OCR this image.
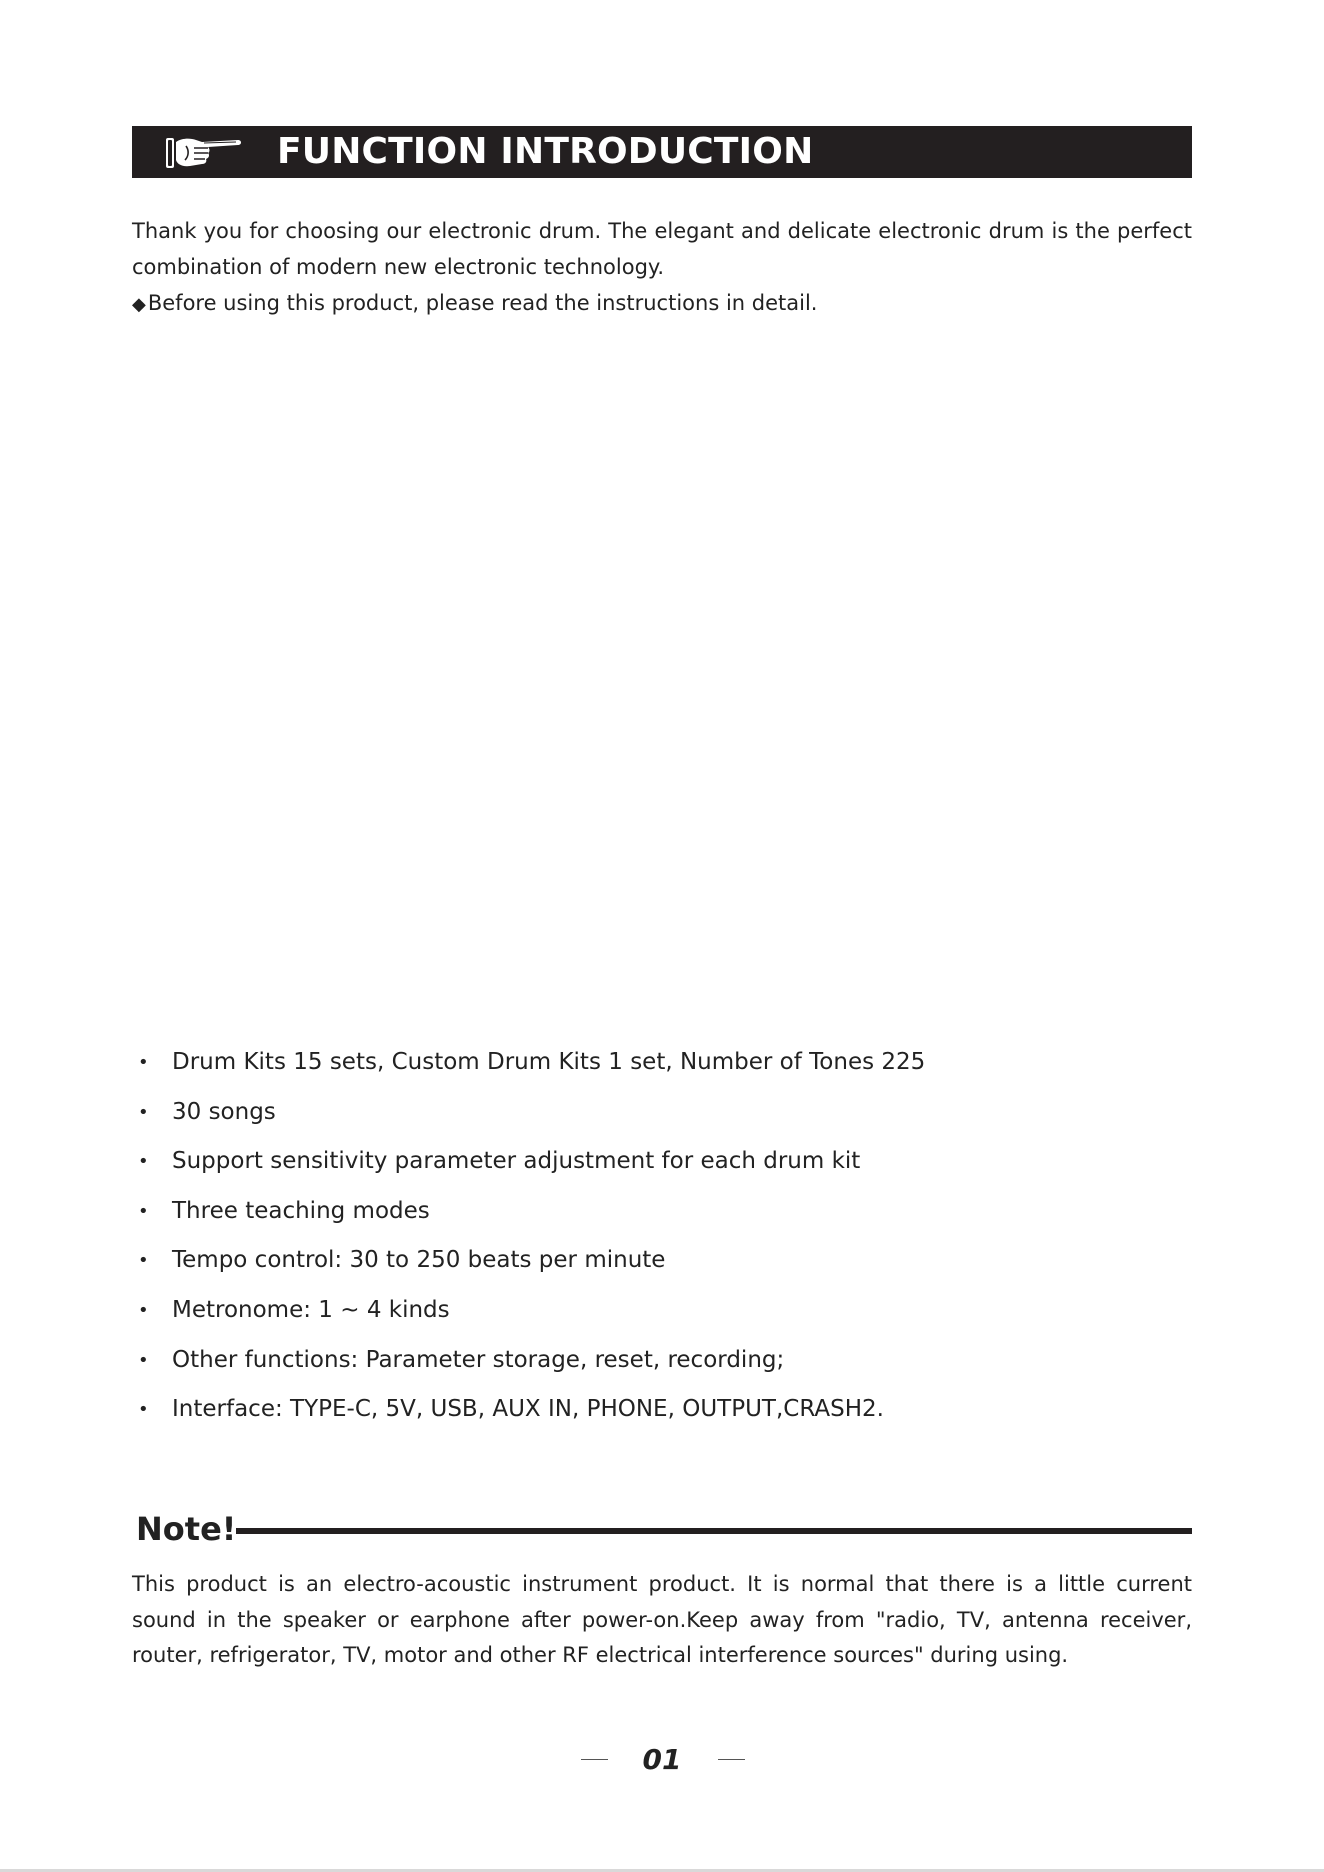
FUNCTION INTRODUCTION

Thank you for choosing our electronic drum. The elegant and delicate electronic drum is the perfect combination of modern new electronic technology.

◆Before using this product, please read the instructions in detail.
• Drum Kits 15 sets, Custom Drum Kits 1 set, Number of Tones 225
• 30 songs
• Support sensitivity parameter adjustment for each drum kit
• Three teaching modes
• Tempo control: 30 to 250 beats per minute
• Metronome: 1 ~ 4 kinds
• Other functions: Parameter storage, reset, recording;
• Interface: TYPE-C, 5V, USB, AUX IN, PHONE, OUTPUT,CRASH2.
Note!

This product is an electro-acoustic instrument product. It is normal that there is a little current sound in the speaker or earphone after power-on.Keep away from "radio, TV, antenna receiver, router, refrigerator, TV, motor and other RF electrical interference sources" during using.

01
